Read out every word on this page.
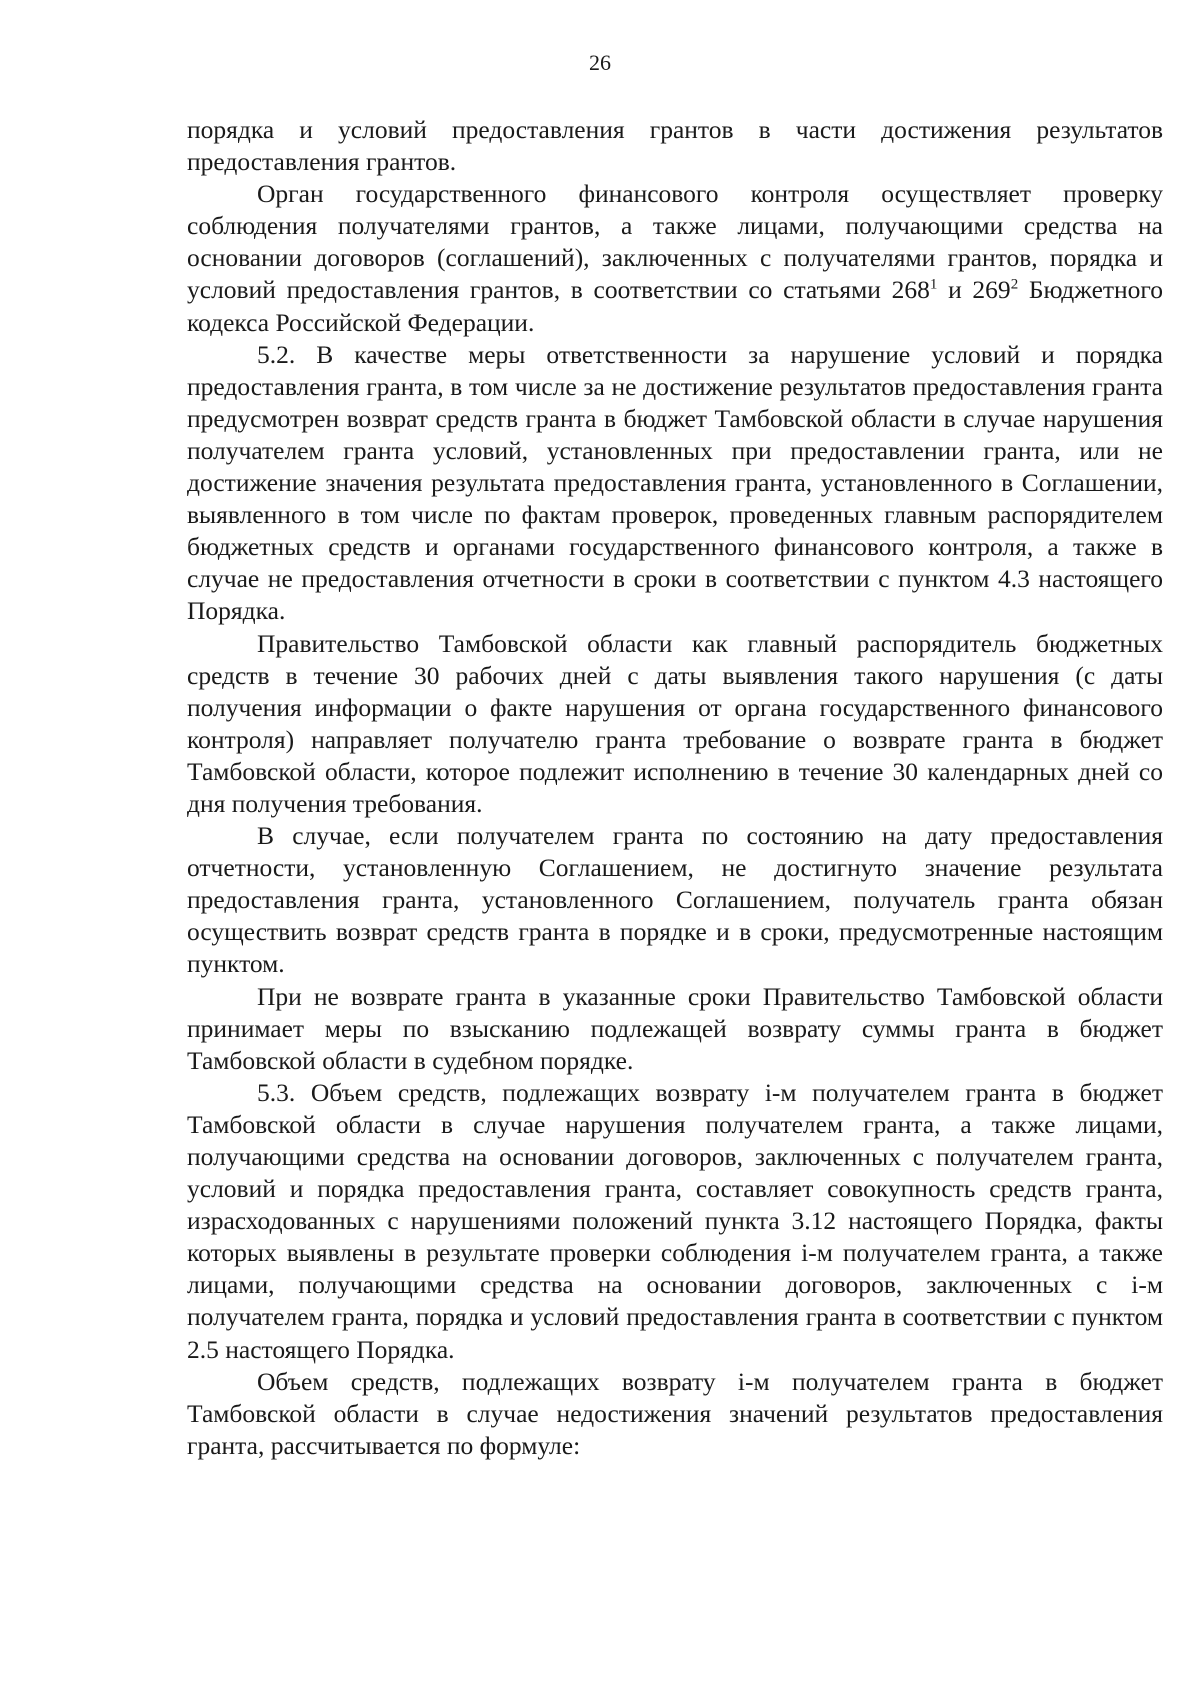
26

порядка и условий предоставления грантов в части достижения результатов предоставления грантов.

Орган государственного финансового контроля осуществляет проверку соблюдения получателями грантов, а также лицами, получающими средства на основании договоров (соглашений), заключенных с получателями грантов, порядка и условий предоставления грантов, в соответствии со статьями $268^1$ и $269^2$ Бюджетного кодекса Российской Федерации.

5.2. В качестве меры ответственности за нарушение условий и порядка предоставления гранта, в том числе за не достижение результатов предоставления гранта предусмотрен возврат средств гранта в бюджет Тамбовской области в случае нарушения получателем гранта условий, установленных при предоставлении гранта, или не достижение значения результата предоставления гранта, установленного в Соглашении, выявленного в том числе по фактам проверок, проведенных главным распорядителем бюджетных средств и органами государственного финансового контроля, а также в случае не предоставления отчетности в сроки в соответствии с пунктом 4.3 настоящего Порядка.

Правительство Тамбовской области как главный распорядитель бюджетных средств в течение 30 рабочих дней с даты выявления такого нарушения (с даты получения информации о факте нарушения от органа государственного финансового контроля) направляет получателю гранта требование о возврате гранта в бюджет Тамбовской области, которое подлежит исполнению в течение 30 календарных дней со дня получения требования.

В случае, если получателем гранта по состоянию на дату предоставления отчетности, установленную Соглашением, не достигнуто значение результата предоставления гранта, установленного Соглашением, получатель гранта обязан осуществить возврат средств гранта в порядке и в сроки, предусмотренные настоящим пунктом.

При не возврате гранта в указанные сроки Правительство Тамбовской области принимает меры по взысканию подлежащей возврату суммы гранта в бюджет Тамбовской области в судебном порядке.

5.3. Объем средств, подлежащих возврату i-м получателем гранта в бюджет Тамбовской области в случае нарушения получателем гранта, а также лицами, получающими средства на основании договоров, заключенных с получателем гранта, условий и порядка предоставления гранта, составляет совокупность средств гранта, израсходованных с нарушениями положений пункта 3.12 настоящего Порядка, факты которых выявлены в результате проверки соблюдения i-м получателем гранта, а также лицами, получающими средства на основании договоров, заключенных с i-м получателем гранта, порядка и условий предоставления гранта в соответствии с пунктом 2.5 настоящего Порядка.

Объем средств, подлежащих возврату i-м получателем гранта в бюджет Тамбовской области в случае недостижения значений результатов предоставления гранта, рассчитывается по формуле:
